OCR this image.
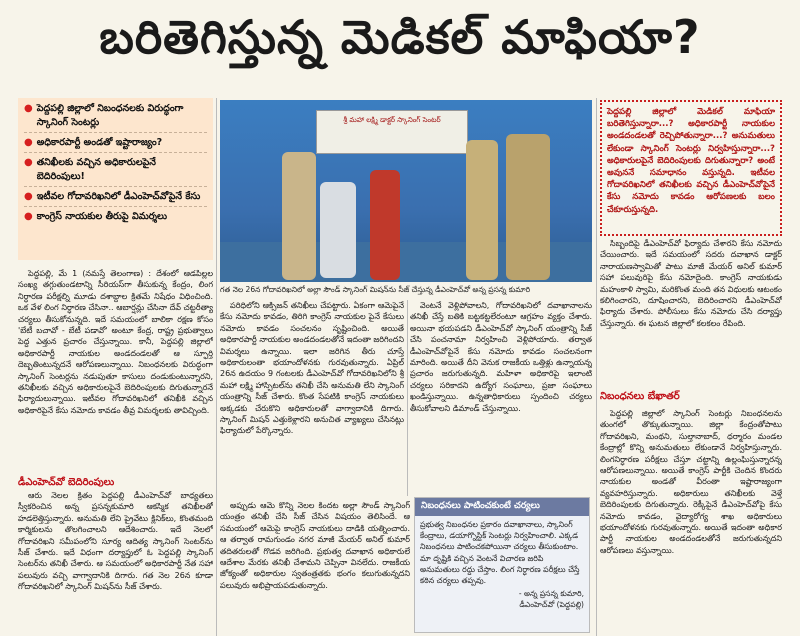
బరితెగిస్తున్న మెడికల్ మాఫియా?
● పెద్దపల్లి జిల్లాలో నిబంధనలకు విరుద్ధంగా స్కానింగ్ సెంటర్లు
● అధికారపార్టీ అండతో ఇష్టారాజ్యం?
● తనిఖీలకు వచ్చిన అధికారులపైనే బెదిరింపులు!
● ఇటీవల గోదావరిఖనిలో డీఎంహెచ్‌వోపైనే కేసు
● కాంగ్రెస్ నాయకుల తీరుపై విమర్శలు
శ్రీ మహా లక్ష్మి డాక్టర్ స్కానింగ్ సెంటర్
గత నెల 26న గోదావరిఖనిలో అల్లా సౌండ్ స్కానింగ్ మిషన్‌ను సీజ్ చేస్తున్న డీఎంహెచ్‌వో అన్న ప్రసన్న కుమారి
పెద్దపల్లి జిల్లాలో మెడికల్ మాఫియా బరితెగిస్తున్నారా...? అధికారపార్టీ నాయకుల అండదండలతో రెచ్చిపోతున్నారా...? అనుమతులు లేకుండా స్కానింగ్ సెంటర్లు నిర్వహిస్తున్నారా...? అధికారులపైనే బెదిరింపులకు దిగుతున్నారా? అంటే అవుననే సమాధానం వస్తున్నది. ఇటీవల గోదావరిఖనిలో తనిఖీలకు వచ్చిన డీఎంహెచ్‌వోపైనే కేసు నమోదు కావడం ఆరోపణలకు బలం చేకూరుస్తున్నది.

పెద్దపల్లి, మే 1 (నమస్తే తెలంగాణ) : దేశంలో ఆడపిల్లల సంఖ్య తగ్గుతుండటాన్ని సీరియస్‌గా తీసుకున్న కేంద్రం, లింగ నిర్ధారణ పరీక్షల్ని మూడు దశాబ్దాల క్రితమే నిషేధం విధించింది. ఒక వేళ లింగ నిర్ధారణ చేసినా.. ఆబార్షన్లు చేసినా దేవ్ చట్టరీత్యా చర్యలు తీసుకోనున్నది. ఇదే సమయంలో బాలికా రక్షణ కోసం 'బేటీ బచావో - బేటీ పడావో' అంటూ కేంద్ర, రాష్ట్ర ప్రభుత్వాలు పెద్ద ఎత్తున ప్రచారం చేస్తున్నాయి. కానీ, పెద్దపల్లి జిల్లాలో అధికారపార్టీ నాయకుల అండదండలతో ఆ స్ఫూర్తి దెబ్బతింటున్నదనే ఆరోపణలున్నాయి. నిబంధనలకు విరుద్ధంగా స్కానింగ్ సెంటర్లను నడుపుతూ కాసులు దండుకుంటున్నారని, తనిఖీలకు వచ్చిన అధికారులపైనే బెదిరింపులకు దిగుతున్నారనే ఫిర్యాదులున్నాయి. ఇటీవల గోదావరిఖనిలో తనిఖీకి వచ్చిన అధికారిపైనే కేసు నమోదు కావడం తీవ్ర విమర్శలకు తావిచ్చింది.

డీఎంహెచ్‌వో బెదిరింపులు

ఆరు నెలల క్రితం పెద్దపల్లి డీఎంహెచ్‌వో బాధ్యతలు స్వీకరించిన అన్న ప్రసన్నకుమారి ఆకస్మిక తనిఖీలతో హడలెత్తిస్తున్నారు. అనుమతి లేని ప్రైవేటు క్లినిక్‌లు, కొంతమంది కార్మికులను తొలగించాలని ఆదేశించారు. ఇదే నెలలో గోదావరిఖని సమీపంలోని సూర్య ఆదిత్య స్కానింగ్ సెంటర్‌ను సీజ్ చేశారు. ఇదే విధంగా దర్యాప్తులో ఓ పెద్దపల్లి స్కానింగ్ సెంటర్‌ను తనిఖీ చేశారు. ఆ సమయంలో అధికారపార్టీ నేత సహా పలువురు వచ్చి వాగ్వాదానికి దిగారు. గత నెల 26న కూడా గోదావరిఖనిలో స్కానింగ్ మిషన్‌ను సీజ్ చేశారు.

పరిధిలోని ఆక్సిజన్ తనిఖీలు చేపట్టారు. ఏకంగా ఆమెపైనే కేసు నమోదు కావడం, తిరిగి కాంగ్రెస్ నాయకుల పైనే కేసులు నమోదు కావడం సంచలనం సృష్టించింది. అయితే అధికారపార్టీ నాయకుల అండదండలతోనే ఇదంతా జరిగిందని విమర్శలు ఉన్నాయి. ఇలా జరిగిన తీరు చూస్తే అధికారులంతా భయాందోళనకు గురవుతున్నారు. ఏప్రిల్ 26న ఉదయం 9 గంటలకు డీఎంహెచ్‌వో గోదావరిఖనిలోని శ్రీ మహా లక్ష్మి హాస్పిటల్‌ను తనిఖీ చేసి అనుమతి లేని స్కానింగ్ యంత్రాన్ని సీజ్ చేశారు. కొంత సేపటికి కాంగ్రెస్ నాయకులు అక్కడకు చేరుకొని అధికారులతో వాగ్వాదానికి దిగారు. స్కానింగ్ మిషన్ ఎత్తుకెళ్లారని అనుచిత వ్యాఖ్యలు చేసినట్లు ఫిర్యాదులో పేర్కొన్నారు.

అప్పుడు ఆమె కొన్ని నెలల కిందట అల్లా సౌండ్ స్కానింగ్ యంత్రం తనిఖీ చేసి సీజ్ చేసిన విషయం తెలిసిందే. ఆ సమయంలో ఆమెపై కాంగ్రెస్ నాయకులు దాడికి యత్నించారు. ఆ తర్వాత రామగుండం నగర మాజీ మేయర్ అనిల్ కుమార్ తదితరులతో గొడవ జరిగింది. ప్రభుత్వ దవాఖాన అధికారులే ఆదేశాల మేరకు తనిఖీ చేశామని చెప్పినా వినలేదు. రాజకీయ జోక్యంతో అధికారుల స్వతంత్రతకు భంగం కలుగుతున్నదని పలువురు అభిప్రాయపడుతున్నారు.

వెంటనే వెళ్లిపోవాలని, గోదావరిఖనిలో దవాఖానాలను తనిఖీ చేస్తే బతికి బట్టకట్టలేరంటూ ఆగ్రహం వ్యక్తం చేశారు. అయినా భయపడని డీఎంహెచ్‌వో స్కానింగ్ యంత్రాన్ని సీజ్ చేసి పంచనామా నిర్వహించి వెళ్లిపోయారు. తర్వాత డీఎంహెచ్‌వోపైనే కేసు నమోదు కావడం సంచలనంగా మారింది. అయితే దీని వెనుక రాజకీయ ఒత్తిళ్లు ఉన్నాయన్న ప్రచారం జరుగుతున్నది. మహిళా అధికారిపై ఇలాంటి చర్యలు సరికాదని ఉద్యోగ సంఘాలు, ప్రజా సంఘాలు ఖండిస్తున్నాయి. ఉన్నతాధికారులు స్పందించి చర్యలు తీసుకోవాలని డిమాండ్ చేస్తున్నాయి.

సిబ్బందిపై డీఎంహెచ్‌వో ఫిర్యాదు చేశారని కేసు నమోదు చేయించారు. ఇదే సమయంలో సదరు దవాఖాన డాక్టర్ నారాయణస్వామితో పాటు మాజీ మేయర్ అనిల్ కుమార్ సహా పలువురిపై కేసు నమోదైంది. కాంగ్రెస్ నాయకుడు మహంకాళి స్వామి, మరికొంత మంది తన విధులకు ఆటంకం కలిగించారని, దూషించారని, బెదిరించారని డీఎంహెచ్‌వో ఫిర్యాదు చేశారు. పోలీసులు కేసు నమోదు చేసి దర్యాప్తు చేస్తున్నారు. ఈ ఘటన జిల్లాలో కలకలం రేపింది.

నిబంధనలు బేఖాతర్

పెద్దపల్లి జిల్లాలో స్కానింగ్ సెంటర్లు నిబంధనలను తుంగలో తొక్కుతున్నాయి. జిల్లా కేంద్రంతోపాటు గోదావరిఖని, మంథని, సుల్తానాబాద్, ధర్మారం మండల కేంద్రాల్లో కొన్ని అనుమతులు లేకుండానే నిర్వహిస్తున్నారు. లింగనిర్ధారణ పరీక్షలు చేస్తూ చట్టాన్ని ఉల్లంఘిస్తున్నారన్న ఆరోపణలున్నాయి. అయితే కాంగ్రెస్ పార్టీకి చెందిన కొందరు నాయకుల అండతో వీరంతా ఇష్టారాజ్యంగా వ్యవహరిస్తున్నారు. అధికారులు తనిఖీలకు వెళ్తే బెదిరింపులకు దిగుతున్నారు. రెక్కీపైనే డీఎంహెచ్‌వోపై కేసు నమోదు కావడం, వైద్యారోగ్య శాఖ అధికారులు భయాందోళనకు గురవుతున్నారు. అయితే ఇదంతా అధికార పార్టీ నాయకుల అండదండలతోనే జరుగుతున్నదని ఆరోపణలు వస్తున్నాయి.

నిబంధనలు పాటించకుంటే చర్యలు
ప్రభుత్వ నిబంధనల ప్రకారం దవాఖానాలు, స్కానింగ్ కేంద్రాలు, డయాగ్నొస్టిక్ సెంటర్లు నిర్వహించాలి. ఎక్కడ నిబంధనలు పాటించకపోయినా చర్యలు తీసుకుంటాం. మా దృష్టికి వచ్చిన వెంటనే విచారణ జరిపి అనుమతులు రద్దు చేస్తాం. లింగ నిర్ధారణ పరీక్షలు చేస్తే కఠిన చర్యలు తప్పవు.
- అన్న ప్రసన్న కుమారి,
డీఎంహెచ్‌వో (పెద్దపల్లి)
